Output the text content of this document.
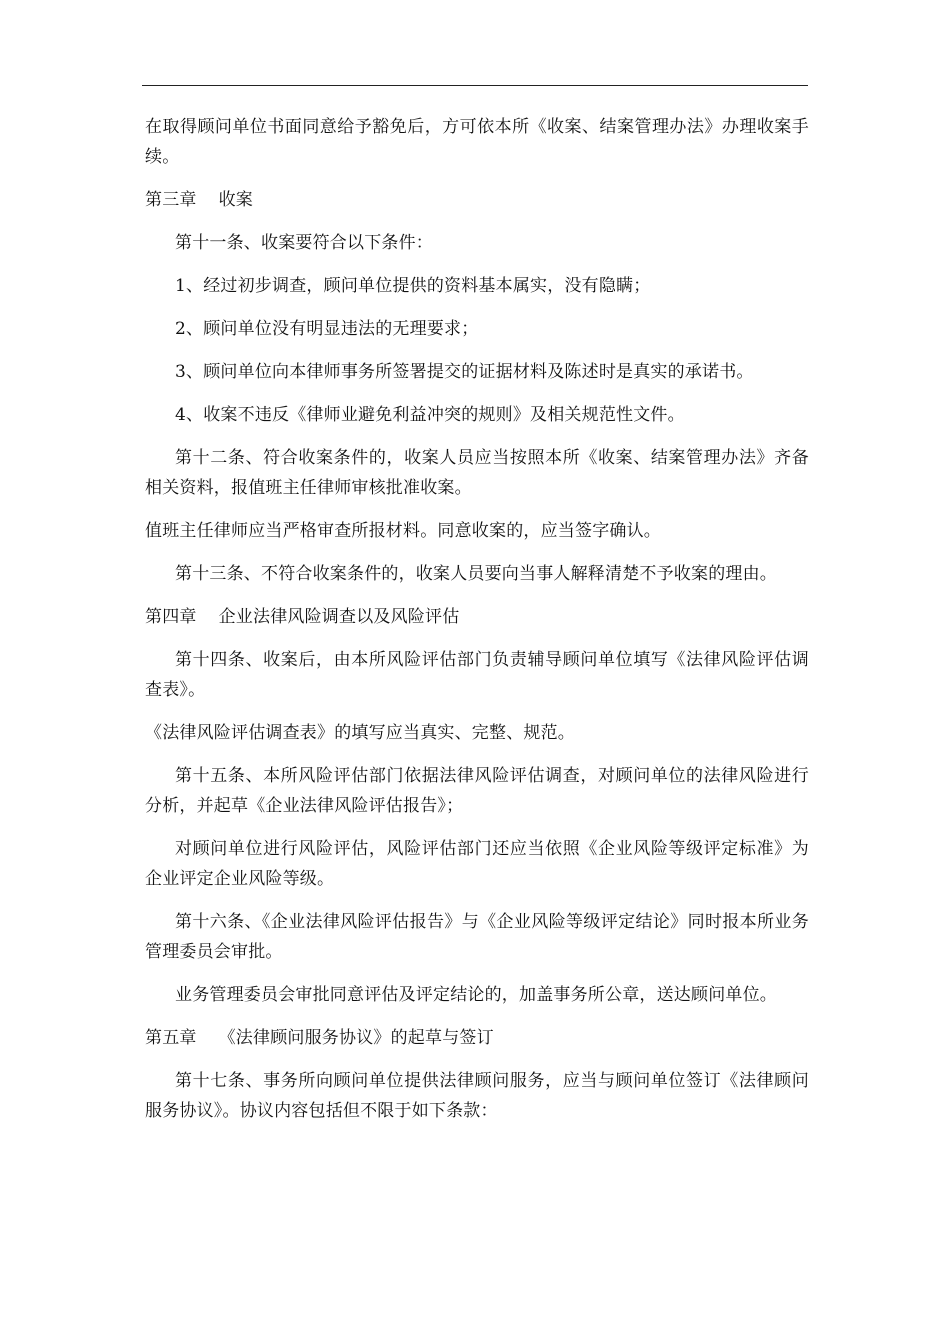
在取得顾问单位书面同意给予豁免后，方可依本所《收案、结案管理办法》办理收案手续。

第三章 收案

第十一条、收案要符合以下条件：

1、经过初步调查，顾问单位提供的资料基本属实，没有隐瞒；

2、顾问单位没有明显违法的无理要求；

3、顾问单位向本律师事务所签署提交的证据材料及陈述时是真实的承诺书。

4、收案不违反《律师业避免利益冲突的规则》及相关规范性文件。

第十二条、符合收案条件的，收案人员应当按照本所《收案、结案管理办法》齐备相关资料，报值班主任律师审核批准收案。

值班主任律师应当严格审查所报材料。同意收案的，应当签字确认。

第十三条、不符合收案条件的，收案人员要向当事人解释清楚不予收案的理由。

第四章 企业法律风险调查以及风险评估

第十四条、收案后，由本所风险评估部门负责辅导顾问单位填写《法律风险评估调查表》。

《法律风险评估调查表》的填写应当真实、完整、规范。

第十五条、本所风险评估部门依据法律风险评估调查，对顾问单位的法律风险进行分析，并起草《企业法律风险评估报告》；

对顾问单位进行风险评估，风险评估部门还应当依照《企业风险等级评定标准》为企业评定企业风险等级。

第十六条、《企业法律风险评估报告》与《企业风险等级评定结论》同时报本所业务管理委员会审批。

业务管理委员会审批同意评估及评定结论的，加盖事务所公章，送达顾问单位。

第五章 《法律顾问服务协议》的起草与签订

第十七条、事务所向顾问单位提供法律顾问服务，应当与顾问单位签订《法律顾问服务协议》。协议内容包括但不限于如下条款：
